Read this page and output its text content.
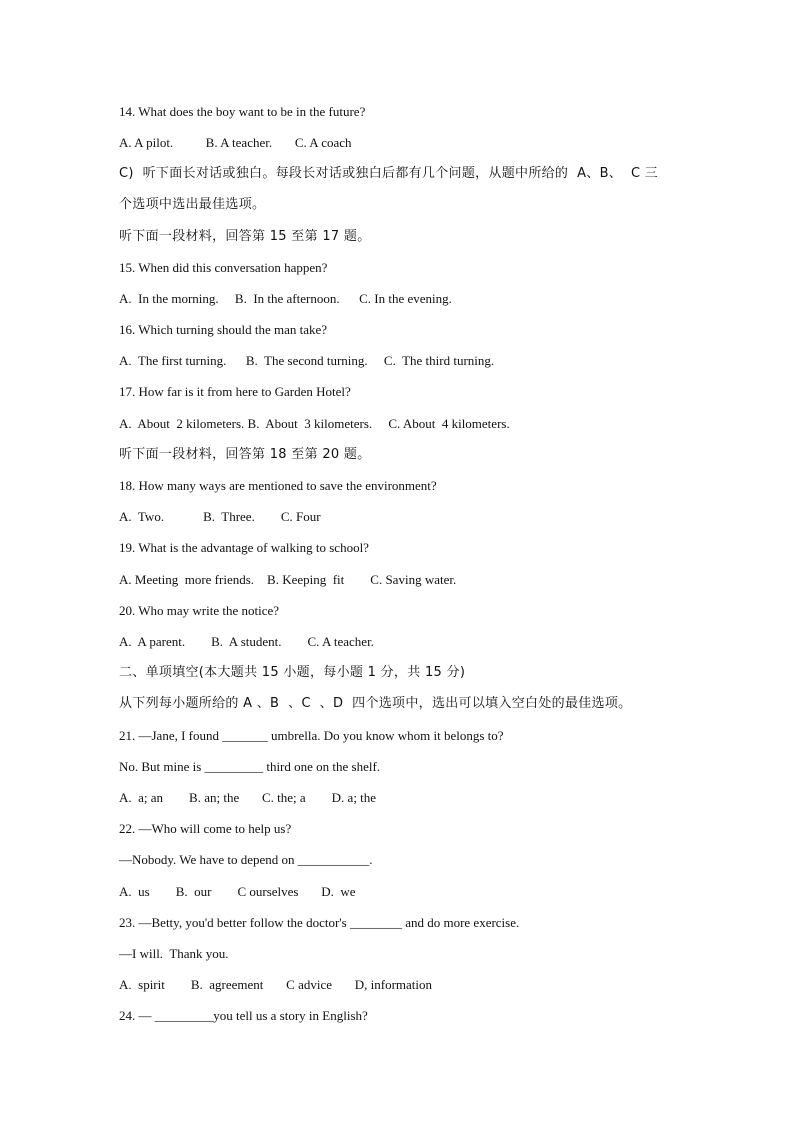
14. What does the boy want to be in the future?
A. A pilot.          B. A teacher.       C. A coach
C)  听下面长对话或独白。每段长对话或独白后都有几个问题，从题中所给的  A、B、  C 三
个选项中选出最佳选项。
听下面一段材料，回答第 15 至第 17 题。
15. When did this conversation happen?
A.  In the morning.     B.  In the afternoon.      C. In the evening.
16. Which turning should the man take?
A.  The first turning.      B.  The second turning.     C.  The third turning.
17. How far is it from here to Garden Hotel?
A.  About  2 kilometers. B.  About  3 kilometers.     C. About  4 kilometers.
听下面一段材料，回答第 18 至第 20 题。
18. How many ways are mentioned to save the environment?
A.  Two.            B.  Three.        C. Four
19. What is the advantage of walking to school?
A. Meeting  more friends.    B. Keeping  fit        C. Saving water.
20. Who may write the notice?
A.  A parent.        B.  A student.        C. A teacher.
二、单项填空(本大题共 15 小题，每小题 1 分，共 15 分)
从下列每小题所给的 A 、B  、C  、D  四个选项中，选出可以填入空白处的最佳选项。
21. —Jane, I found _______ umbrella. Do you know whom it belongs to?
No. But mine is _________ third one on the shelf.
A.  a; an        B. an; the       C. the; a        D. a; the
22. —Who will come to help us?
—Nobody. We have to depend on ___________.
A.  us        B.  our        C ourselves       D.  we
23. —Betty, you'd better follow the doctor's ________ and do more exercise.
—I will.  Thank you.
A.  spirit        B.  agreement       C advice       D, information
24. — _________you tell us a story in English?
